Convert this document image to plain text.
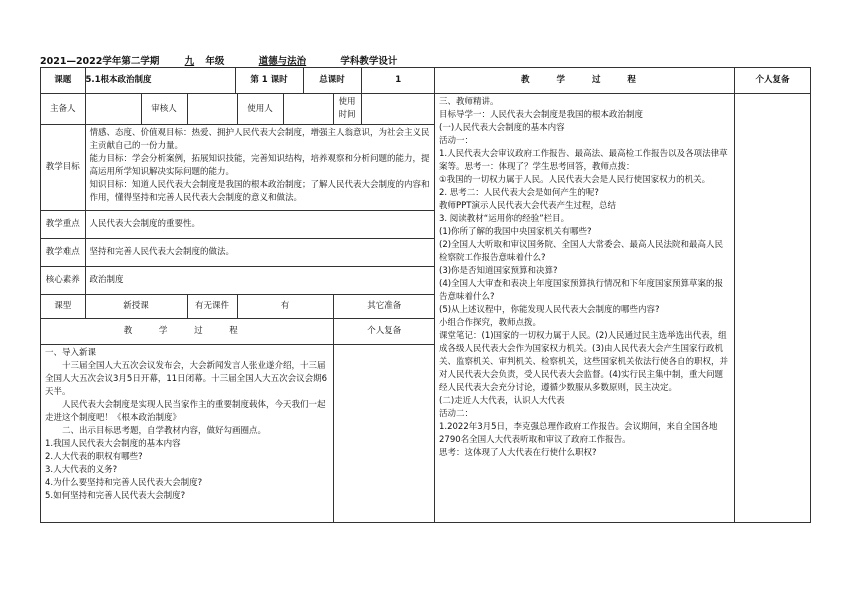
2021—2022学年第二学期	九 年级	道德与法治	学科教学设计
课题	5.1根本政治制度	第 1 课时	总课时	1
		教 学 过 程	个人复备

主备人		审核人		使用人		使用时间	
教学目标	

情感、态度、价值观目标：热爱、拥护人民代表大会制度，增强主人翁意识，为社会主义民主贡献自己的一份力量。

能力目标：学会分析案例，拓展知识技能，完善知识结构，培养观察和分析问题的能力，提高运用所学知识解决实际问题的能力。

知识目标：知道人民代表大会制度是我国的根本政治制度；了解人民代表大会制度的内容和作用，懂得坚持和完善人民代表大会制度的意义和做法。

教学重点	人民代表大会制度的重要性。
教学难点	坚持和完善人民代表大会制度的做法。
核心素养	政治制度
课型	新授课	有无课件	有	其它准备
教 学 过 程	个人复备

一、导入新课

十三届全国人大五次会议发布会，大会新闻发言人张业遂介绍，十三届全国人大五次会议3月5日开幕，11日闭幕。十三届全国人大五次会议会期6天半。

人民代表大会制度是实现人民当家作主的重要制度载体，今天我们一起走进这个制度吧！《根本政治制度》

二、出示目标思考题，自学教材内容，做好勾画圈点。

1.我国人民代表大会制度的基本内容

2.人大代表的职权有哪些?

3.人大代表的义务?

4.为什么要坚持和完善人民代表大会制度?

5.如何坚持和完善人民代表大会制度?

三、教师精讲。

目标导学一：人民代表大会制度是我国的根本政治制度

(一)人民代表大会制度的基本内容

活动一：

1.人民代表大会审议政府工作报告、最高法、最高检工作报告以及各项法律草案等。思考一：体现了？学生思考回答，教师点拨：

①我国的一切权力属于人民。人民代表大会是人民行使国家权力的机关。

2. 思考二：人民代表大会是如何产生的呢?

教师PPT演示人民代表大会代表产生过程，总结

3. 阅读教材“运用你的经验”栏目。

(1)你所了解的我国中央国家机关有哪些?

(2)全国人大听取和审议国务院、全国人大常委会、最高人民法院和最高人民检察院工作报告意味着什么?

(3)你是否知道国家预算和决算?

(4)全国人大审查和表决上年度国家预算执行情况和下年度国家预算草案的报告意味着什么?

(5)从上述议程中，你能发现人民代表大会制度的哪些内容?

小组合作探究，教师点拨。

课堂笔记：(1)国家的一切权力属于人民。(2)人民通过民主选举选出代表，组成各级人民代表大会作为国家权力机关。(3)由人民代表大会产生国家行政机关、监察机关、审判机关、检察机关，这些国家机关依法行使各自的职权，并对人民代表大会负责，受人民代表大会监督。(4)实行民主集中制，重大问题经人民代表大会充分讨论，遵循少数服从多数原则，民主决定。

(二)走近人大代表，认识人大代表

活动二：

1.2022年3月5日，李克强总理作政府工作报告。会议期间，来自全国各地2790名全国人大代表听取和审议了政府工作报告。

思考：这体现了人大代表在行使什么职权?
